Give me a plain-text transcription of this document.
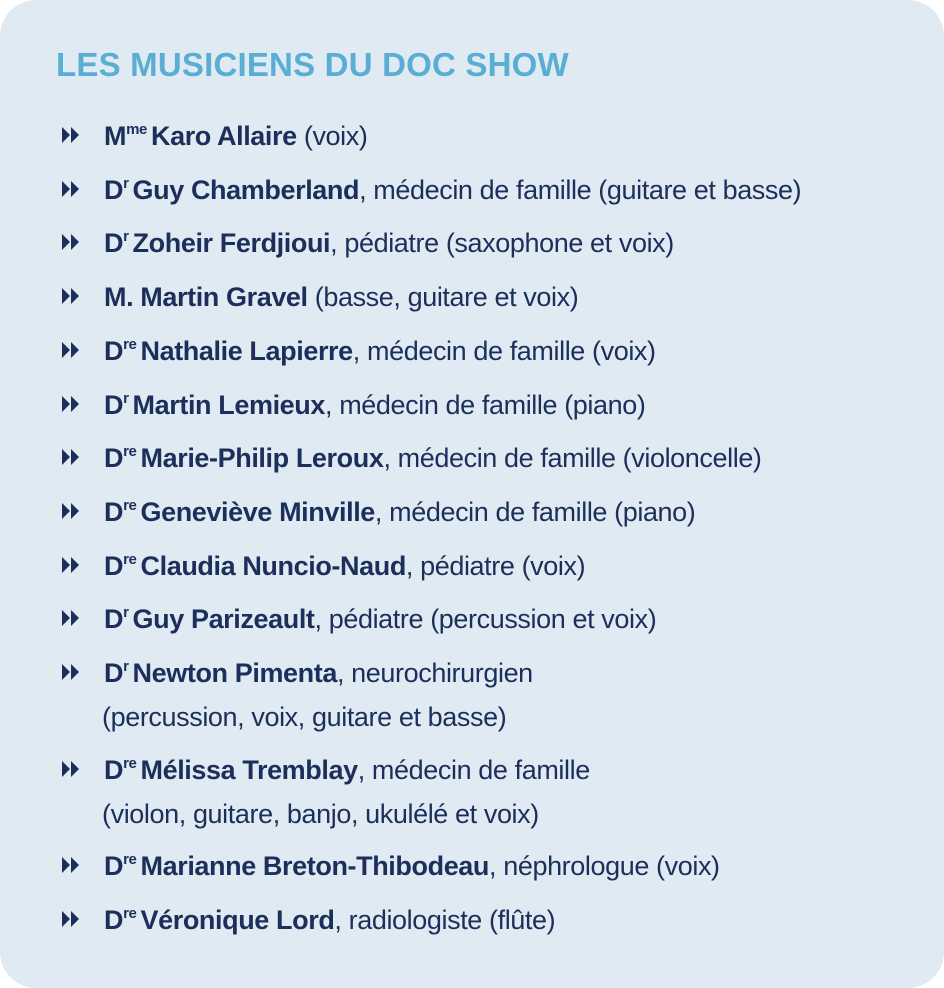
LES MUSICIENS DU DOC SHOW
$M^{me}$ Karo Allaire (voix)
$D^r$ Guy Chamberland, médecin de famille (guitare et basse)
$D^r$ Zoheir Ferdjioui, pédiatre (saxophone et voix)
M. Martin Gravel (basse, guitare et voix)
Dre Nathalie Lapierre, médecin de famille (voix)
$D^r$ Martin Lemieux, médecin de famille (piano)
Dre Marie-Philip Leroux, médecin de famille (violoncelle)
Dre Geneviève Minville, médecin de famille (piano)
Dre Claudia Nuncio-Naud, pédiatre (voix)
$D^r$ Guy Parizeault, pédiatre (percussion et voix)
$D^r$ Newton Pimenta, neurochirurgien
(percussion, voix, guitare et basse)
Dre Mélissa Tremblay, médecin de famille
(violon, guitare, banjo, ukulélé et voix)
Dre Marianne Breton-Thibodeau, néphrologue (voix)
Dre Véronique Lord, radiologiste (flûte)
